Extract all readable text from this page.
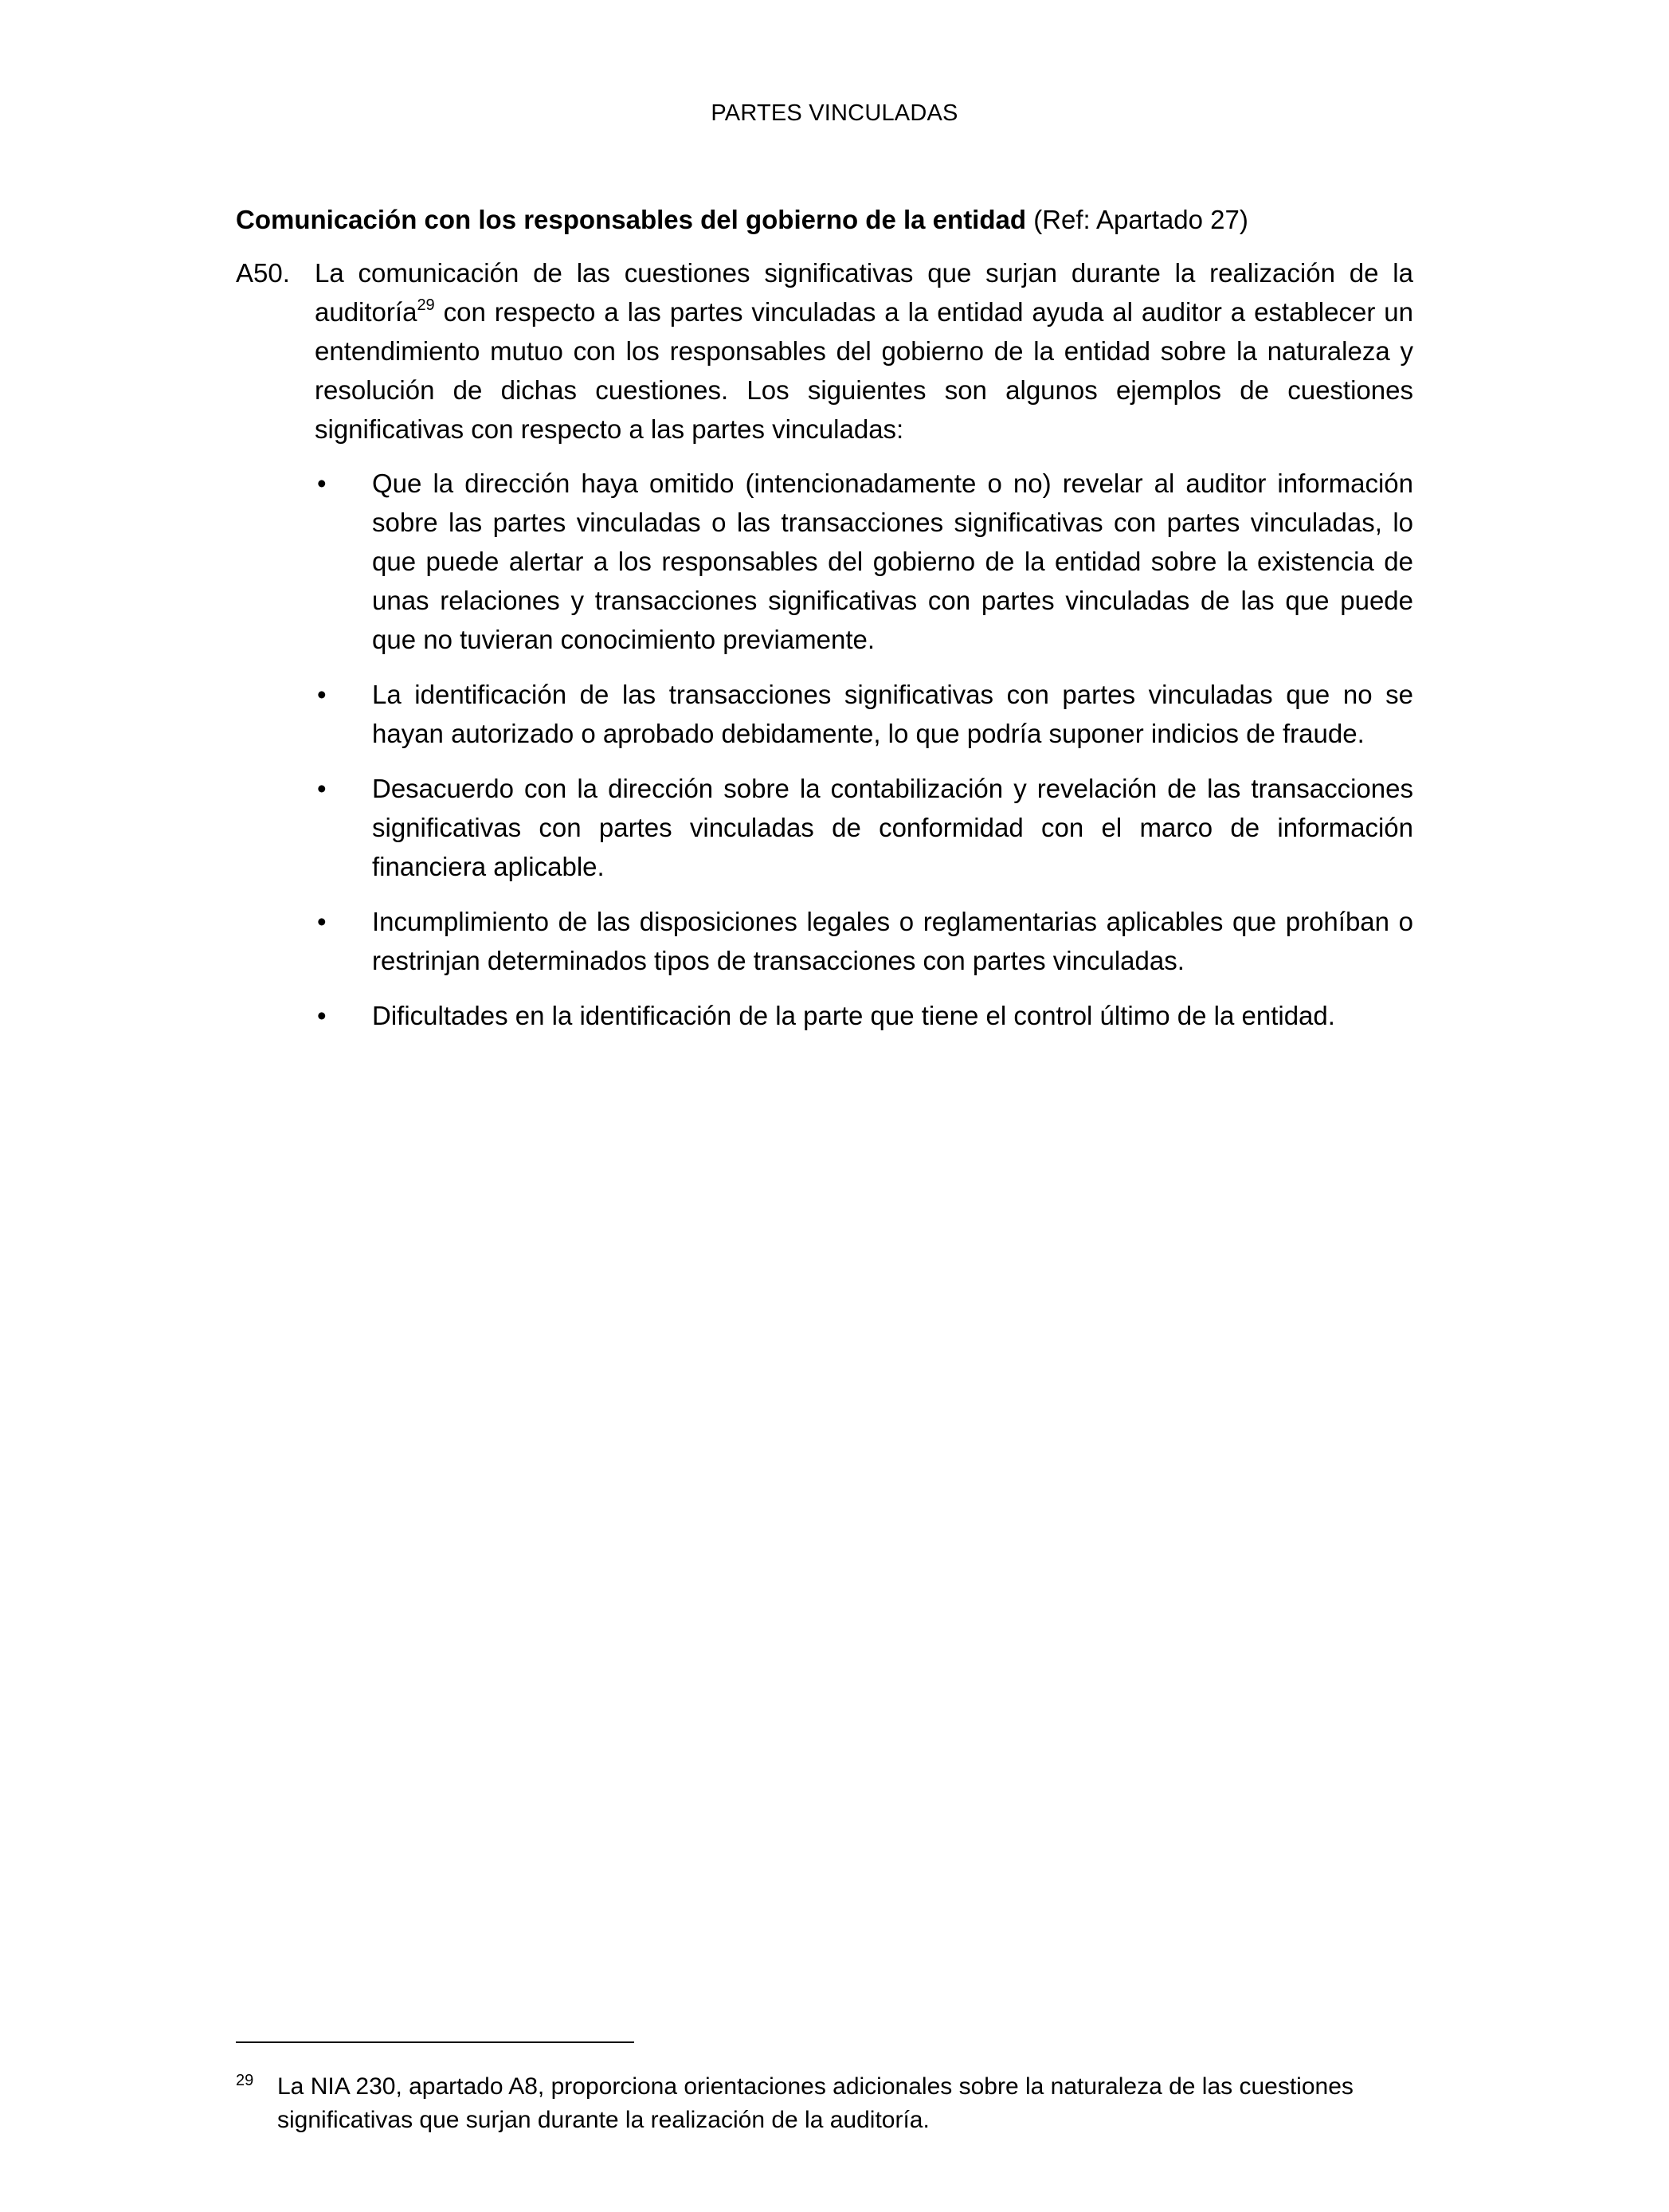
PARTES VINCULADAS
Comunicación con los responsables del gobierno de la entidad (Ref: Apartado 27)
A50. La comunicación de las cuestiones significativas que surjan durante la realización de la auditoría$^{29}$ con respecto a las partes vinculadas a la entidad ayuda al auditor a establecer un entendimiento mutuo con los responsables del gobierno de la entidad sobre la naturaleza y resolución de dichas cuestiones. Los siguientes son algunos ejemplos de cuestiones significativas con respecto a las partes vinculadas:
• Que la dirección haya omitido (intencionadamente o no) revelar al auditor información sobre las partes vinculadas o las transacciones significativas con partes vinculadas, lo que puede alertar a los responsables del gobierno de la entidad sobre la existencia de unas relaciones y transacciones significativas con partes vinculadas de las que puede que no tuvieran conocimiento previamente.
• La identificación de las transacciones significativas con partes vinculadas que no se hayan autorizado o aprobado debidamente, lo que podría suponer indicios de fraude.
• Desacuerdo con la dirección sobre la contabilización y revelación de las transacciones significativas con partes vinculadas de conformidad con el marco de información financiera aplicable.
• Incumplimiento de las disposiciones legales o reglamentarias aplicables que prohíban o restrinjan determinados tipos de transacciones con partes vinculadas.
• Dificultades en la identificación de la parte que tiene el control último de la entidad.
29 La NIA 230, apartado A8, proporciona orientaciones adicionales sobre la naturaleza de las cuestiones significativas que surjan durante la realización de la auditoría.
